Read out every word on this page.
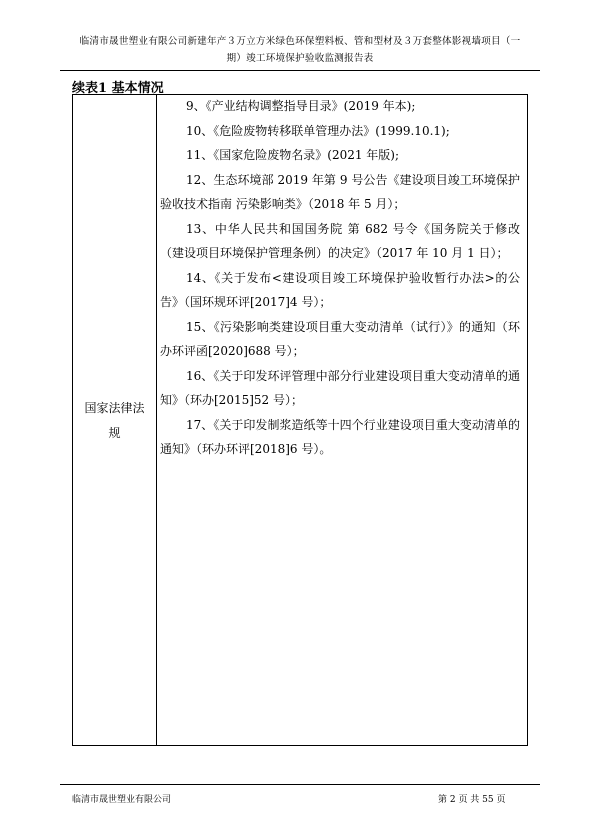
临清市晟世塑业有限公司新建年产３万立方米绿色环保塑料板、管和型材及３万套整体影视墙项目（一
期）竣工环境保护验收监测报告表
续表1 基本情况
国家法律法
规

9、《产业结构调整指导目录》(2019 年本);

10、《危险废物转移联单管理办法》(1999.10.1);

11、《国家危险废物名录》(2021 年版);

12、生态环境部 2019 年第 9 号公告《建设项目竣工环境保护验收技术指南 污染影响类》（2018 年 5 月）；

13、中华人民共和国国务院 第 682 号令《国务院关于修改（建设项目环境保护管理条例）的决定》（2017 年 10 月 1 日）；

14、《关于发布<建设项目竣工环境保护验收暂行办法>的公告》（国环规环评[2017]4 号）；

15、《污染影响类建设项目重大变动清单（试行）》的通知（环办环评函[2020]688 号）；

16、《关于印发环评管理中部分行业建设项目重大变动清单的通知》（环办[2015]52 号）；

17、《关于印发制浆造纸等十四个行业建设项目重大变动清单的通知》（环办环评[2018]6 号）。

临清市晟世塑业有限公司	第 2 页 共 55 页
